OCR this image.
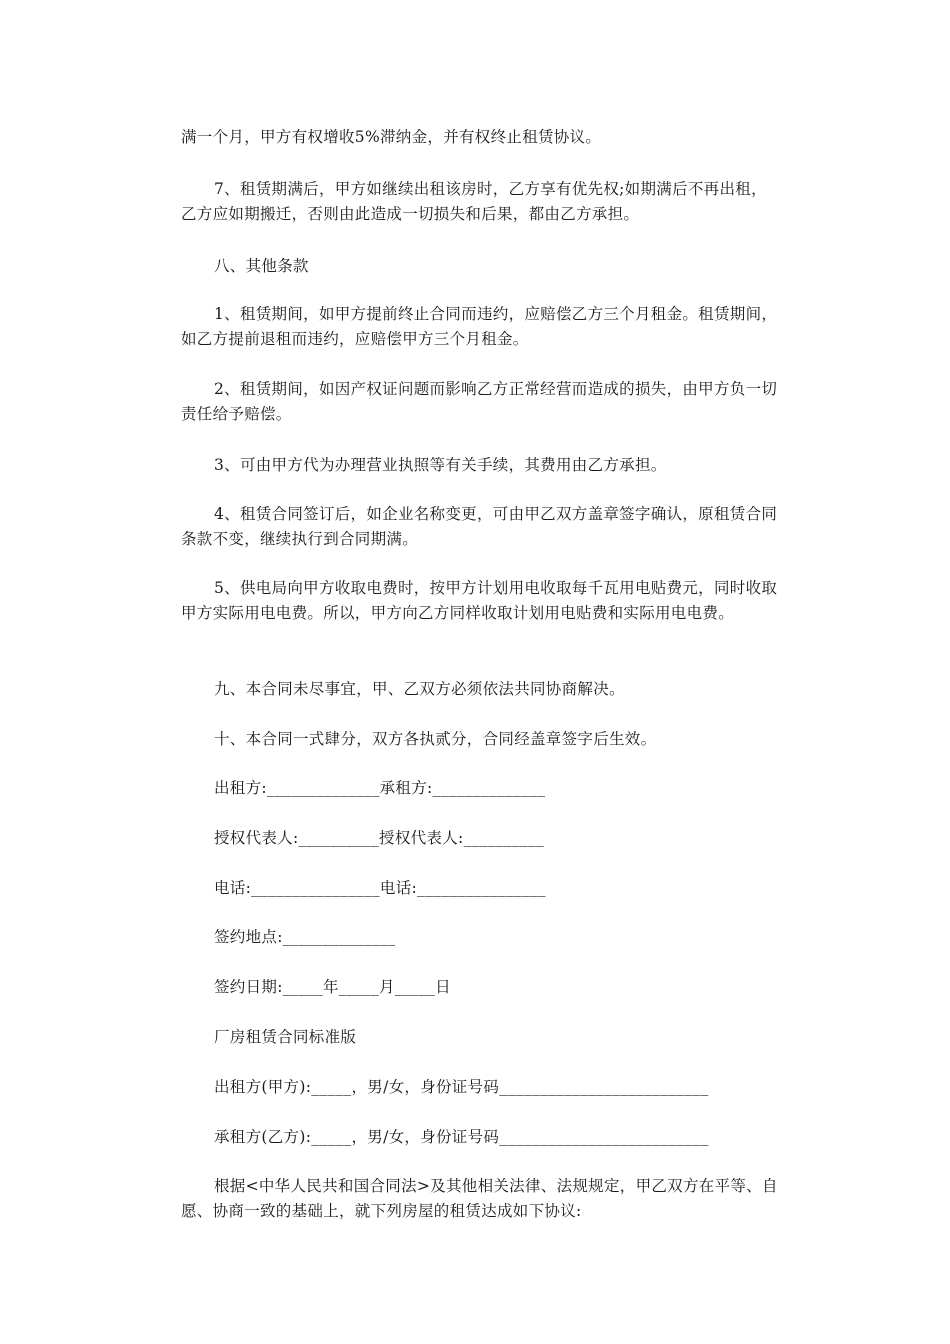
满一个月，甲方有权增收5%滞纳金，并有权终止租赁协议。

7、租赁期满后，甲方如继续出租该房时，乙方享有优先权;如期满后不再出租，乙方应如期搬迁，否则由此造成一切损失和后果，都由乙方承担。

八、其他条款

1、租赁期间，如甲方提前终止合同而违约，应赔偿乙方三个月租金。租赁期间，如乙方提前退租而违约，应赔偿甲方三个月租金。

2、租赁期间，如因产权证问题而影响乙方正常经营而造成的损失，由甲方负一切责任给予赔偿。

3、可由甲方代为办理营业执照等有关手续，其费用由乙方承担。

4、租赁合同签订后，如企业名称变更，可由甲乙双方盖章签字确认，原租赁合同条款不变，继续执行到合同期满。

5、供电局向甲方收取电费时，按甲方计划用电收取每千瓦用电贴费元，同时收取甲方实际用电电费。所以，甲方向乙方同样收取计划用电贴费和实际用电电费。

九、本合同未尽事宜，甲、乙双方必须依法共同协商解决。

十、本合同一式肆分，双方各执贰分，合同经盖章签字后生效。

出租方:______________承租方:______________

授权代表人:__________授权代表人:__________

电话:________________电话:________________

签约地点:______________

签约日期:_____年_____月_____日

厂房租赁合同标准版

出租方(甲方):_____，男/女，身份证号码__________________________

承租方(乙方):_____，男/女，身份证号码__________________________

根据<中华人民共和国合同法>及其他相关法律、法规规定，甲乙双方在平等、自愿、协商一致的基础上，就下列房屋的租赁达成如下协议:
